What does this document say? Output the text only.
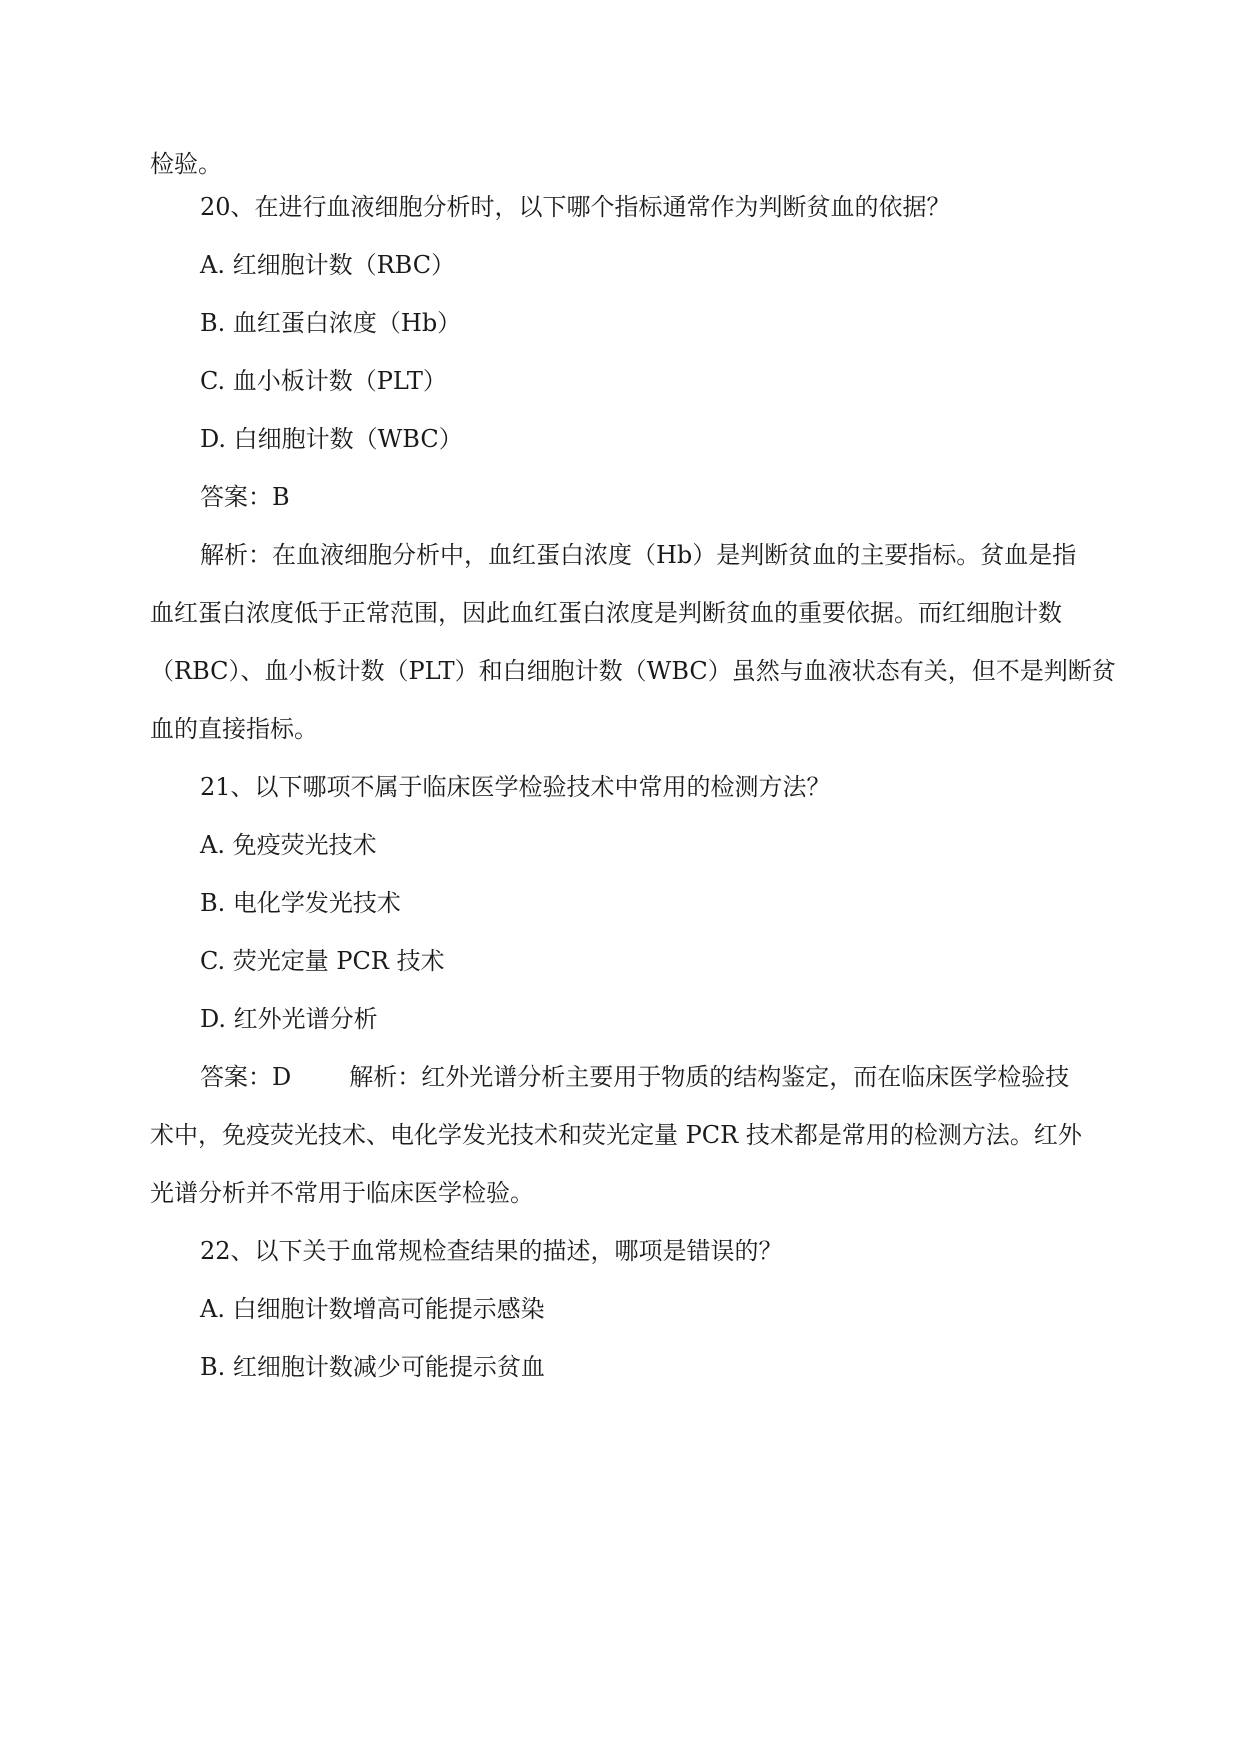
检验。
20、在进行血液细胞分析时，以下哪个指标通常作为判断贫血的依据？
A. 红细胞计数（RBC）
B. 血红蛋白浓度（Hb）
C. 血小板计数（PLT）
D. 白细胞计数（WBC）
答案：B
解析：在血液细胞分析中，血红蛋白浓度（Hb）是判断贫血的主要指标。贫血是指
血红蛋白浓度低于正常范围，因此血红蛋白浓度是判断贫血的重要依据。而红细胞计数
（RBC）、血小板计数（PLT）和白细胞计数（WBC）虽然与血液状态有关，但不是判断贫
血的直接指标。
21、以下哪项不属于临床医学检验技术中常用的检测方法？
A. 免疫荧光技术
B. 电化学发光技术
C. 荧光定量 PCR 技术
D. 红外光谱分析
答案：D 解析：红外光谱分析主要用于物质的结构鉴定，而在临床医学检验技
术中，免疫荧光技术、电化学发光技术和荧光定量 PCR 技术都是常用的检测方法。红外
光谱分析并不常用于临床医学检验。
22、以下关于血常规检查结果的描述，哪项是错误的？
A. 白细胞计数增高可能提示感染
B. 红细胞计数减少可能提示贫血
